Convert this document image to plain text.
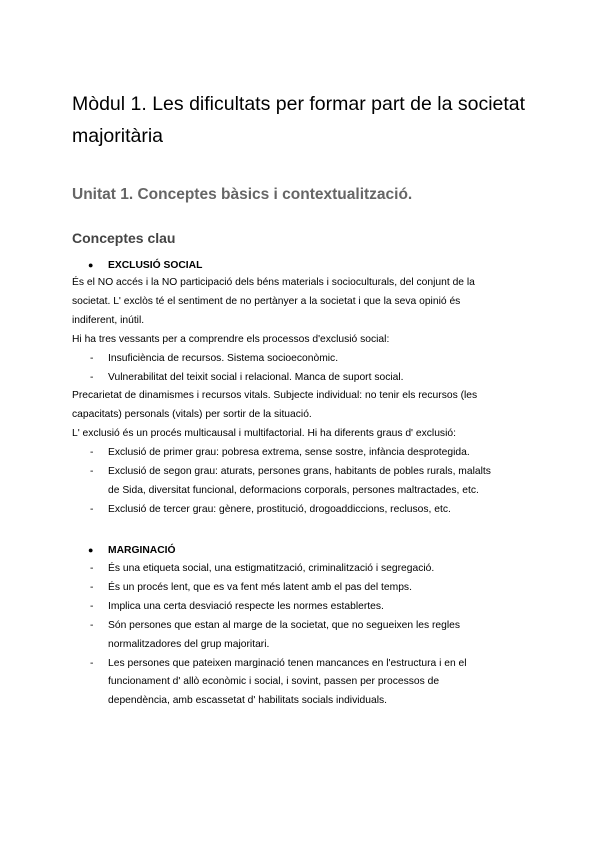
Mòdul 1. Les dificultats per formar part de la societat majoritària
Unitat 1. Conceptes bàsics i contextualització.
Conceptes clau
● EXCLUSIÓ SOCIAL
És el NO accés i la NO participació dels béns materials i socioculturals, del conjunt de la
societat. L' exclòs té el sentiment de no pertànyer a la societat i que la seva opinió és
indiferent, inútil.
Hi ha tres vessants per a comprendre els processos d'exclusió social:
- Insuficiència de recursos. Sistema socioeconòmic.
- Vulnerabilitat del teixit social i relacional. Manca de suport social.
Precarietat de dinamismes i recursos vitals. Subjecte individual: no tenir els recursos (les
capacitats) personals (vitals) per sortir de la situació.
L' exclusió és un procés multicausal i multifactorial. Hi ha diferents graus d' exclusió:
- Exclusió de primer grau: pobresa extrema, sense sostre, infància desprotegida.
- Exclusió de segon grau: aturats, persones grans, habitants de pobles rurals, malalts
de Sida, diversitat funcional, deformacions corporals, persones maltractades, etc.
- Exclusió de tercer grau: gènere, prostitució, drogoaddiccions, reclusos, etc.
● MARGINACIÓ
- És una etiqueta social, una estigmatització, criminalització i segregació.
- És un procés lent, que es va fent més latent amb el pas del temps.
- Implica una certa desviació respecte les normes establertes.
- Són persones que estan al marge de la societat, que no segueixen les regles
normalitzadores del grup majoritari.
- Les persones que pateixen marginació tenen mancances en l'estructura i en el
funcionament d' allò econòmic i social, i sovint, passen per processos de
dependència, amb escassetat d' habilitats socials individuals.
